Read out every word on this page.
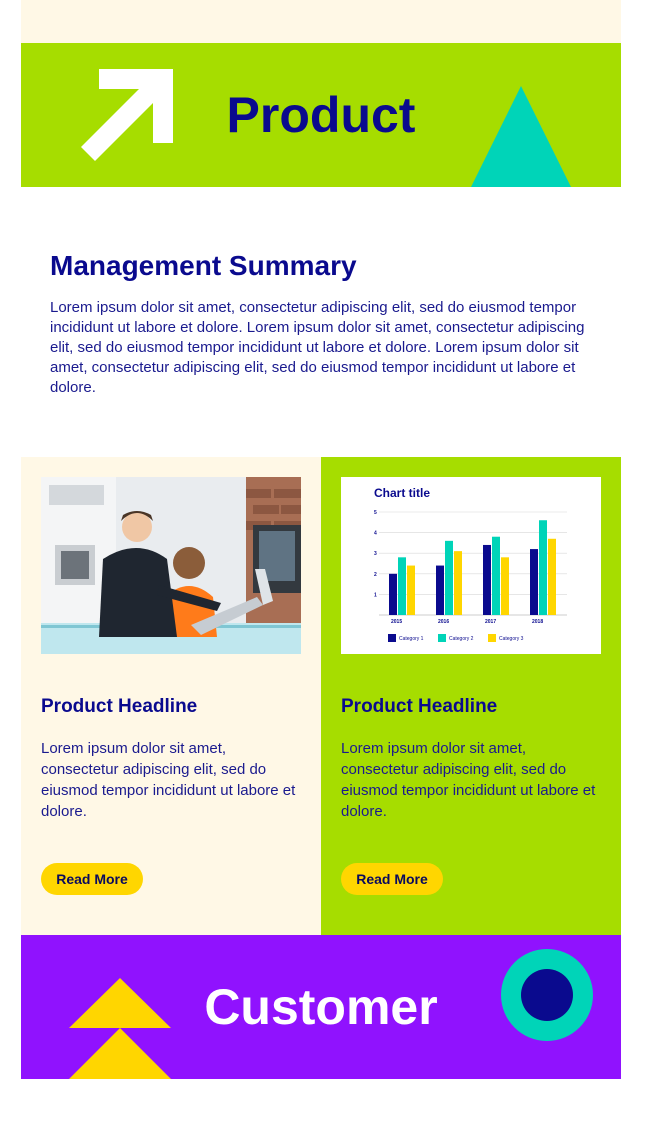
Product
Management Summary

Lorem ipsum dolor sit amet, consectetur adipiscing elit, sed do eiusmod tempor incididunt ut labore et dolore. Lorem ipsum dolor sit amet, consectetur adipiscing elit, sed do eiusmod tempor incididunt ut labore et dolore. Lorem ipsum dolor sit amet, consectetur adipiscing elit, sed do eiusmod tempor incididunt ut labore et dolore.

Product Headline
Lorem ipsum dolor sit amet, consectetur adipiscing elit, sed do eiusmod tempor incididunt ut labore et dolore.
Read More
Chart title
1
2
3
4
5
2015	2016	2017	2018
Category 1	Category 2	Category 3
Product Headline
Lorem ipsum dolor sit amet, consectetur adipiscing elit, sed do eiusmod tempor incididunt ut labore et dolore.
Read More
Customer
